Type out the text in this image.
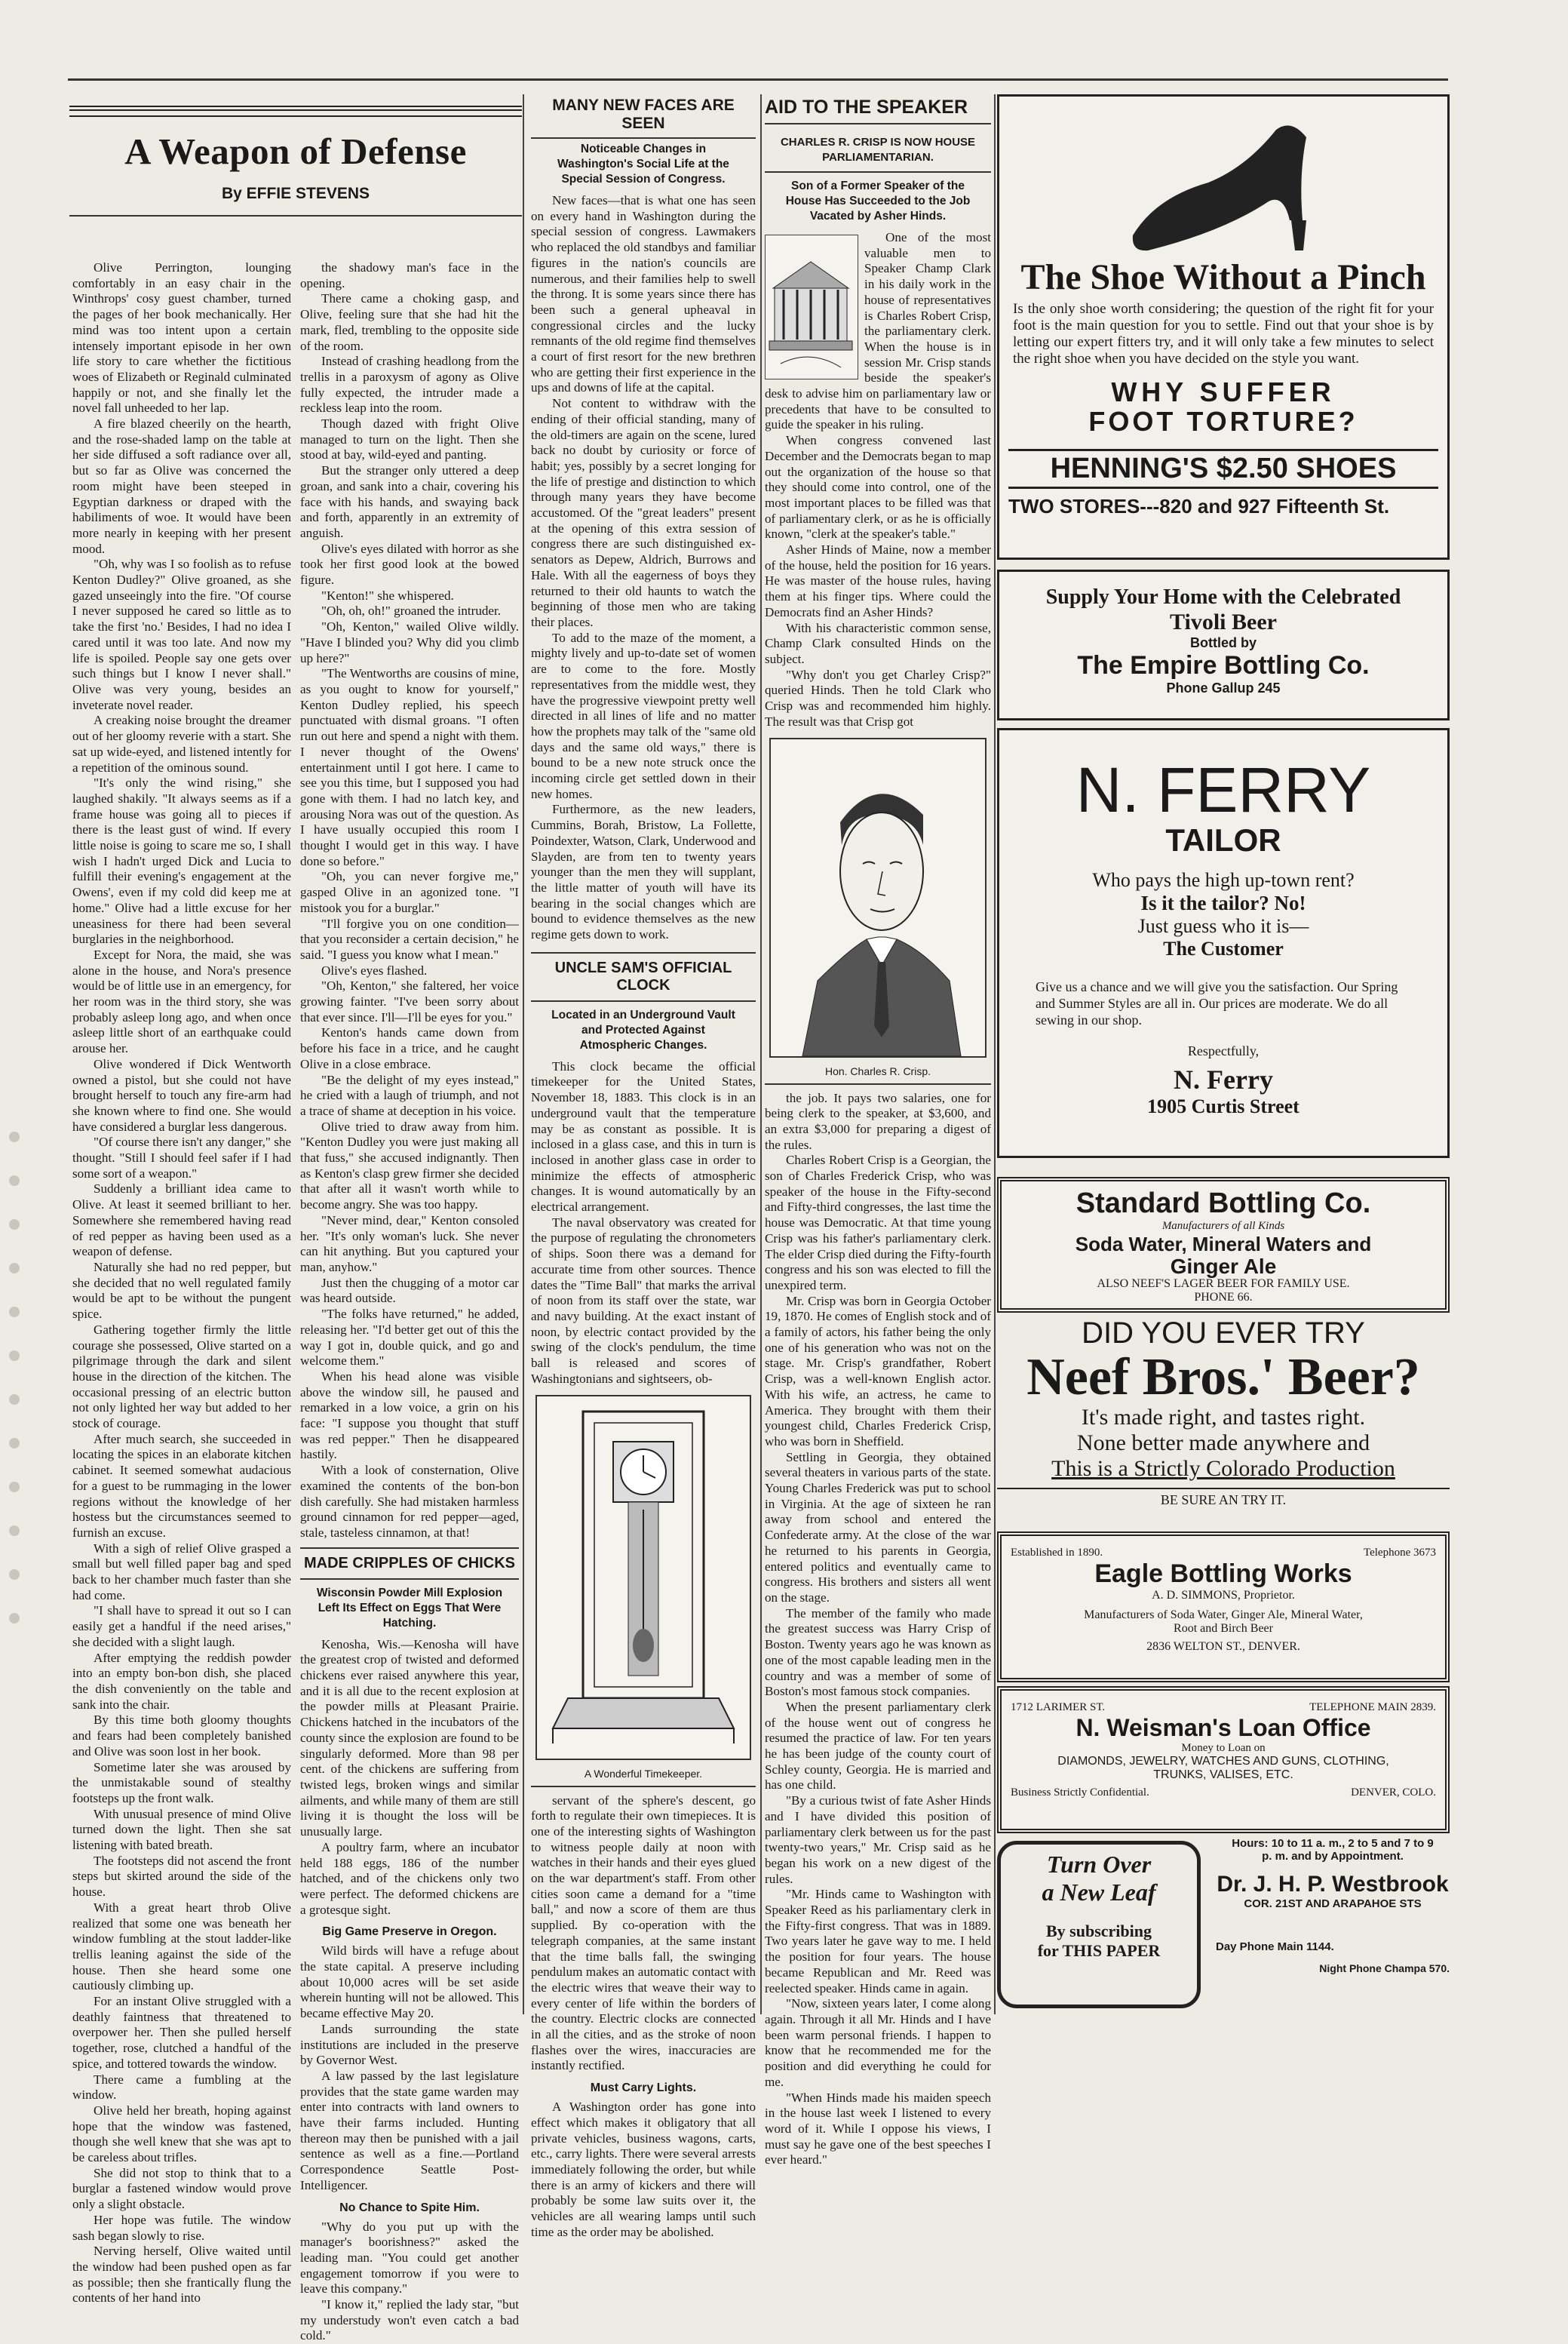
A Weapon of Defense
By EFFIE STEVENS

Olive Perrington, lounging comfortably in an easy chair in the Winthrops' cosy guest chamber, turned the pages of her book mechanically. Her mind was too intent upon a certain intensely important episode in her own life story to care whether the fictitious woes of Elizabeth or Reginald culminated happily or not, and she finally let the novel fall unheeded to her lap.

A fire blazed cheerily on the hearth, and the rose-shaded lamp on the table at her side diffused a soft radiance over all, but so far as Olive was concerned the room might have been steeped in Egyptian darkness or draped with the habiliments of woe. It would have been more nearly in keeping with her present mood.

"Oh, why was I so foolish as to refuse Kenton Dudley?" Olive groaned, as she gazed unseeingly into the fire. "Of course I never supposed he cared so little as to take the first 'no.' Besides, I had no idea I cared until it was too late. And now my life is spoiled. People say one gets over such things but I know I never shall." Olive was very young, besides an inveterate novel reader.

A creaking noise brought the dreamer out of her gloomy reverie with a start. She sat up wide-eyed, and listened intently for a repetition of the ominous sound.

"It's only the wind rising," she laughed shakily. "It always seems as if a frame house was going all to pieces if there is the least gust of wind. If every little noise is going to scare me so, I shall wish I hadn't urged Dick and Lucia to fulfill their evening's engagement at the Owens', even if my cold did keep me at home." Olive had a little excuse for her uneasiness for there had been several burglaries in the neighborhood.

Except for Nora, the maid, she was alone in the house, and Nora's presence would be of little use in an emergency, for her room was in the third story, she was probably asleep long ago, and when once asleep little short of an earthquake could arouse her.

Olive wondered if Dick Wentworth owned a pistol, but she could not have brought herself to touch any fire-arm had she known where to find one. She would have considered a burglar less dangerous.

"Of course there isn't any danger," she thought. "Still I should feel safer if I had some sort of a weapon."

Suddenly a brilliant idea came to Olive. At least it seemed brilliant to her. Somewhere she remembered having read of red pepper as having been used as a weapon of defense.

Naturally she had no red pepper, but she decided that no well regulated family would be apt to be without the pungent spice.

Gathering together firmly the little courage she possessed, Olive started on a pilgrimage through the dark and silent house in the direction of the kitchen. The occasional pressing of an electric button not only lighted her way but added to her stock of courage.

After much search, she succeeded in locating the spices in an elaborate kitchen cabinet. It seemed somewhat audacious for a guest to be rummaging in the lower regions without the knowledge of her hostess but the circumstances seemed to furnish an excuse.

With a sigh of relief Olive grasped a small but well filled paper bag and sped back to her chamber much faster than she had come.

"I shall have to spread it out so I can easily get a handful if the need arises," she decided with a slight laugh.

After emptying the reddish powder into an empty bon-bon dish, she placed the dish conveniently on the table and sank into the chair.

By this time both gloomy thoughts and fears had been completely banished and Olive was soon lost in her book.

Sometime later she was aroused by the unmistakable sound of stealthy footsteps up the front walk.

With unusual presence of mind Olive turned down the light. Then she sat listening with bated breath.

The footsteps did not ascend the front steps but skirted around the side of the house.

With a great heart throb Olive realized that some one was beneath her window fumbling at the stout ladder-like trellis leaning against the side of the house. Then she heard some one cautiously climbing up.

For an instant Olive struggled with a deathly faintness that threatened to overpower her. Then she pulled herself together, rose, clutched a handful of the spice, and tottered towards the window.

There came a fumbling at the window.

Olive held her breath, hoping against hope that the window was fastened, though she well knew that she was apt to be careless about trifles.

She did not stop to think that to a burglar a fastened window would prove only a slight obstacle.

Her hope was futile. The window sash began slowly to rise.

Nerving herself, Olive waited until the window had been pushed open as far as possible; then she frantically flung the contents of her hand into

the shadowy man's face in the opening.

There came a choking gasp, and Olive, feeling sure that she had hit the mark, fled, trembling to the opposite side of the room.

Instead of crashing headlong from the trellis in a paroxysm of agony as Olive fully expected, the intruder made a reckless leap into the room.

Though dazed with fright Olive managed to turn on the light. Then she stood at bay, wild-eyed and panting.

But the stranger only uttered a deep groan, and sank into a chair, covering his face with his hands, and swaying back and forth, apparently in an extremity of anguish.

Olive's eyes dilated with horror as she took her first good look at the bowed figure.

"Kenton!" she whispered.

"Oh, oh, oh!" groaned the intruder.

"Oh, Kenton," wailed Olive wildly. "Have I blinded you? Why did you climb up here?"

"The Wentworths are cousins of mine, as you ought to know for yourself," Kenton Dudley replied, his speech punctuated with dismal groans. "I often run out here and spend a night with them. I never thought of the Owens' entertainment until I got here. I came to see you this time, but I supposed you had gone with them. I had no latch key, and arousing Nora was out of the question. As I have usually occupied this room I thought I would get in this way. I have done so before."

"Oh, you can never forgive me," gasped Olive in an agonized tone. "I mistook you for a burglar."

"I'll forgive you on one condition—that you reconsider a certain decision," he said. "I guess you know what I mean."

Olive's eyes flashed.

"Oh, Kenton," she faltered, her voice growing fainter. "I've been sorry about that ever since. I'll—I'll be eyes for you."

Kenton's hands came down from before his face in a trice, and he caught Olive in a close embrace.

"Be the delight of my eyes instead," he cried with a laugh of triumph, and not a trace of shame at deception in his voice.

Olive tried to draw away from him. "Kenton Dudley you were just making all that fuss," she accused indignantly. Then as Kenton's clasp grew firmer she decided that after all it wasn't worth while to become angry. She was too happy.

"Never mind, dear," Kenton consoled her. "It's only woman's luck. She never can hit anything. But you captured your man, anyhow."

Just then the chugging of a motor car was heard outside.

"The folks have returned," he added, releasing her. "I'd better get out of this the way I got in, double quick, and go and welcome them."

When his head alone was visible above the window sill, he paused and remarked in a low voice, a grin on his face: "I suppose you thought that stuff was red pepper." Then he disappeared hastily.

With a look of consternation, Olive examined the contents of the bon-bon dish carefully. She had mistaken harmless ground cinnamon for red pepper—aged, stale, tasteless cinnamon, at that!

MADE CRIPPLES OF CHICKS
Wisconsin Powder Mill Explosion Left Its Effect on Eggs That Were Hatching.

Kenosha, Wis.—Kenosha will have the greatest crop of twisted and deformed chickens ever raised anywhere this year, and it is all due to the recent explosion at the powder mills at Pleasant Prairie. Chickens hatched in the incubators of the county since the explosion are found to be singularly deformed. More than 98 per cent. of the chickens are suffering from twisted legs, broken wings and similar ailments, and while many of them are still living it is thought the loss will be unusually large.

A poultry farm, where an incubator held 188 eggs, 186 of the number hatched, and of the chickens only two were perfect. The deformed chickens are a grotesque sight.

Big Game Preserve in Oregon.

Wild birds will have a refuge about the state capital. A preserve including about 10,000 acres will be set aside wherein hunting will not be allowed. This became effective May 20.

Lands surrounding the state institutions are included in the preserve by Governor West.

A law passed by the last legislature provides that the state game warden may enter into contracts with land owners to have their farms included. Hunting thereon may then be punished with a jail sentence as well as a fine.—Portland Correspondence Seattle Post-Intelligencer.

No Chance to Spite Him.

"Why do you put up with the manager's boorishness?" asked the leading man. "You could get another engagement tomorrow if you were to leave this company."

"I know it," replied the lady star, "but my understudy won't even catch a bad cold."

MANY NEW FACES ARE SEEN
Noticeable Changes in Washington's Social Life at the Special Session of Congress.

New faces—that is what one has seen on every hand in Washington during the special session of congress. Lawmakers who replaced the old standbys and familiar figures in the nation's councils are numerous, and their families help to swell the throng. It is some years since there has been such a general upheaval in congressional circles and the lucky remnants of the old regime find themselves a court of first resort for the new brethren who are getting their first experience in the ups and downs of life at the capital.

Not content to withdraw with the ending of their official standing, many of the old-timers are again on the scene, lured back no doubt by curiosity or force of habit; yes, possibly by a secret longing for the life of prestige and distinction to which through many years they have become accustomed. Of the "great leaders" present at the opening of this extra session of congress there are such distinguished ex-senators as Depew, Aldrich, Burrows and Hale. With all the eagerness of boys they returned to their old haunts to watch the beginning of those men who are taking their places.

To add to the maze of the moment, a mighty lively and up-to-date set of women are to come to the fore. Mostly representatives from the middle west, they have the progressive viewpoint pretty well directed in all lines of life and no matter how the prophets may talk of the "same old days and the same old ways," there is bound to be a new note struck once the incoming circle get settled down in their new homes.

Furthermore, as the new leaders, Cummins, Borah, Bristow, La Follette, Poindexter, Watson, Clark, Underwood and Slayden, are from ten to twenty years younger than the men they will supplant, the little matter of youth will have its bearing in the social changes which are bound to evidence themselves as the new regime gets down to work.

UNCLE SAM'S OFFICIAL CLOCK
Located in an Underground Vault and Protected Against Atmospheric Changes.

This clock became the official timekeeper for the United States, November 18, 1883. This clock is in an underground vault that the temperature may be as constant as possible. It is inclosed in a glass case, and this in turn is inclosed in another glass case in order to minimize the effects of atmospheric changes. It is wound automatically by an electrical arrangement.

The naval observatory was created for the purpose of regulating the chronometers of ships. Soon there was a demand for accurate time from other sources. Thence dates the "Time Ball" that marks the arrival of noon from its staff over the state, war and navy building. At the exact instant of noon, by electric contact provided by the swing of the clock's pendulum, the time ball is released and scores of Washingtonians and sightseers, ob-

A Wonderful Timekeeper.

servant of the sphere's descent, go forth to regulate their own timepieces. It is one of the interesting sights of Washington to witness people daily at noon with watches in their hands and their eyes glued on the war department's staff. From other cities soon came a demand for a "time ball," and now a score of them are thus supplied. By co-operation with the telegraph companies, at the same instant that the time balls fall, the swinging pendulum makes an automatic contact with the electric wires that weave their way to every center of life within the borders of the country. Electric clocks are connected in all the cities, and as the stroke of noon flashes over the wires, inaccuracies are instantly rectified.

Must Carry Lights.

A Washington order has gone into effect which makes it obligatory that all private vehicles, business wagons, carts, etc., carry lights. There were several arrests immediately following the order, but while there is an army of kickers and there will probably be some law suits over it, the vehicles are all wearing lamps until such time as the order may be abolished.

AID TO THE SPEAKER
CHARLES R. CRISP IS NOW HOUSE PARLIAMENTARIAN.
Son of a Former Speaker of the House Has Succeeded to the Job Vacated by Asher Hinds.

One of the most valuable men to Speaker Champ Clark in his daily work in the house of representatives is Charles Robert Crisp, the parliamentary clerk. When the house is in session Mr. Crisp stands beside the speaker's desk to advise him on parliamentary law or precedents that have to be consulted to guide the speaker in his ruling.

When congress convened last December and the Democrats began to map out the organization of the house so that they should come into control, one of the most important places to be filled was that of parliamentary clerk, or as he is officially known, "clerk at the speaker's table."

Asher Hinds of Maine, now a member of the house, held the position for 16 years. He was master of the house rules, having them at his finger tips. Where could the Democrats find an Asher Hinds?

With his characteristic common sense, Champ Clark consulted Hinds on the subject.

"Why don't you get Charley Crisp?" queried Hinds. Then he told Clark who Crisp was and recommended him highly. The result was that Crisp got

Hon. Charles R. Crisp.

the job. It pays two salaries, one for being clerk to the speaker, at $3,600, and an extra $3,000 for preparing a digest of the rules.

Charles Robert Crisp is a Georgian, the son of Charles Frederick Crisp, who was speaker of the house in the Fifty-second and Fifty-third congresses, the last time the house was Democratic. At that time young Crisp was his father's parliamentary clerk. The elder Crisp died during the Fifty-fourth congress and his son was elected to fill the unexpired term.

Mr. Crisp was born in Georgia October 19, 1870. He comes of English stock and of a family of actors, his father being the only one of his generation who was not on the stage. Mr. Crisp's grandfather, Robert Crisp, was a well-known English actor. With his wife, an actress, he came to America. They brought with them their youngest child, Charles Frederick Crisp, who was born in Sheffield.

Settling in Georgia, they obtained several theaters in various parts of the state. Young Charles Frederick was put to school in Virginia. At the age of sixteen he ran away from school and entered the Confederate army. At the close of the war he returned to his parents in Georgia, entered politics and eventually came to congress. His brothers and sisters all went on the stage.

The member of the family who made the greatest success was Harry Crisp of Boston. Twenty years ago he was known as one of the most capable leading men in the country and was a member of some of Boston's most famous stock companies.

When the present parliamentary clerk of the house went out of congress he resumed the practice of law. For ten years he has been judge of the county court of Schley county, Georgia. He is married and has one child.

"By a curious twist of fate Asher Hinds and I have divided this position of parliamentary clerk between us for the past twenty-two years," Mr. Crisp said as he began his work on a new digest of the rules.

"Mr. Hinds came to Washington with Speaker Reed as his parliamentary clerk in the Fifty-first congress. That was in 1889. Two years later he gave way to me. I held the position for four years. The house became Republican and Mr. Reed was reelected speaker. Hinds came in again.

"Now, sixteen years later, I come along again. Through it all Mr. Hinds and I have been warm personal friends. I happen to know that he recommended me for the position and did everything he could for me.

"When Hinds made his maiden speech in the house last week I listened to every word of it. While I oppose his views, I must say he gave one of the best speeches I ever heard."

The Shoe Without a Pinch
Is the only shoe worth considering; the question of the right fit for your foot is the main question for you to settle. Find out that your shoe is by letting our expert fitters try, and it will only take a few minutes to select the right shoe when you have decided on the style you want.
WHY SUFFER
FOOT TORTURE?
HENNING'S $2.50 SHOES
TWO STORES---820 and 927 Fifteenth St.
Supply Your Home with the Celebrated
Tivoli Beer
Bottled by
The Empire Bottling Co.
Phone Gallup 245
N. FERRY
TAILOR
Who pays the high up-town rent?
Is it the tailor? No!
Just guess who it is—
The Customer
Give us a chance and we will give you the satisfaction. Our Spring and Summer Styles are all in. Our prices are moderate. We do all sewing in our shop.
Respectfully,
N. Ferry
1905 Curtis Street
Standard Bottling Co.
Manufacturers of all Kinds
Soda Water, Mineral Waters and
Ginger Ale
ALSO NEEF'S LAGER BEER FOR FAMILY USE.
PHONE 66.
DID YOU EVER TRY
Neef Bros.' Beer?
It's made right, and tastes right.
None better made anywhere and
This is a Strictly Colorado Production
BE SURE AN TRY IT.
Established in 1890.	Telephone 3673
Eagle Bottling Works
A. D. SIMMONS, Proprietor.
Manufacturers of Soda Water, Ginger Ale, Mineral Water,
Root and Birch Beer
2836 WELTON ST., DENVER.
1712 LARIMER ST.	TELEPHONE MAIN 2839.
N. Weisman's Loan Office
Money to Loan on
DIAMONDS, JEWELRY, WATCHES AND GUNS, CLOTHING,
TRUNKS, VALISES, ETC.
Business Strictly Confidential.	DENVER, COLO.
Turn Over
a New Leaf
By subscribing
for THIS PAPER
Hours: 10 to 11 a. m., 2 to 5 and 7 to 9
p. m. and by Appointment.
Dr. J. H. P. Westbrook
COR. 21ST AND ARAPAHOE STS
Day Phone Main 1144.
Night Phone Champa 570.
